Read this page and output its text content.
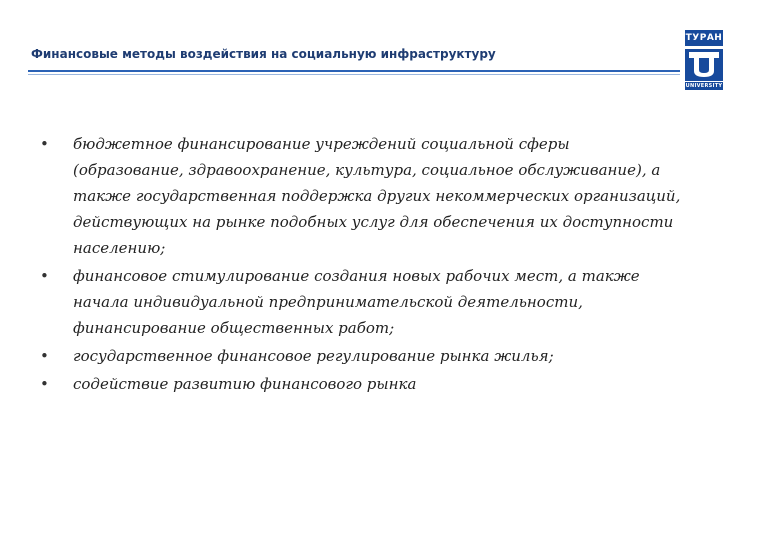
Финансовые методы воздействия на социальную инфраструктуру
ТУРАН
UNIVERSITY
• бюджетное финансирование учреждений социальной сферы
(образование, здравоохранение, культура, социальное обслуживание), а
также государственная поддержка других некоммерческих организаций,
действующих на рынке подобных услуг для обеспечения их доступности
населению;
• финансовое стимулирование создания новых рабочих мест, а также
начала индивидуальной предпринимательской деятельности,
финансирование общественных работ;
• государственное финансовое регулирование рынка жилья;
• содействие развитию финансового рынка
